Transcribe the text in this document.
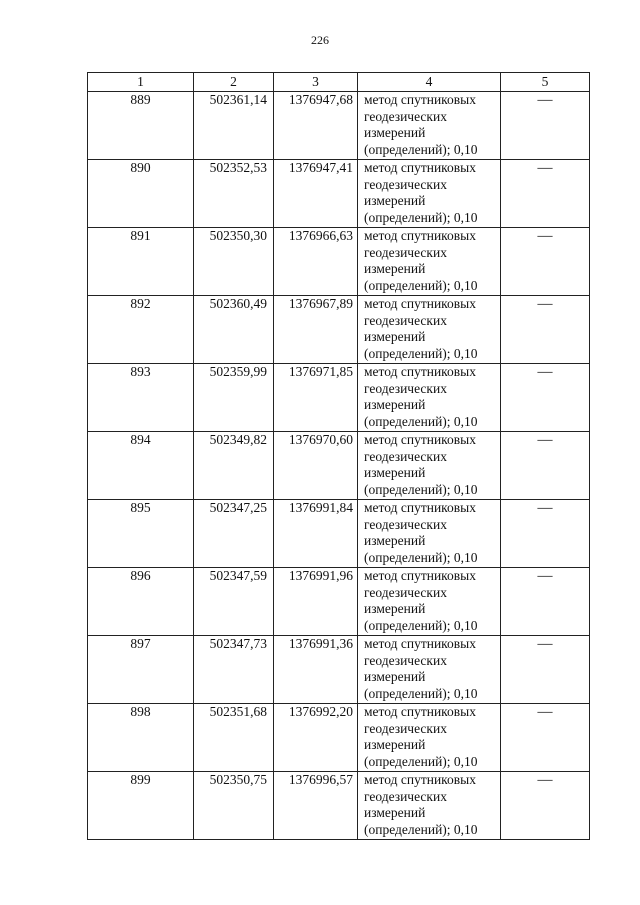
226
1	2	3	4	5
889	502361,14	1376947,68	метод спутниковых геодезических измерений (определений); 0,10	—
890	502352,53	1376947,41	метод спутниковых геодезических измерений (определений); 0,10	—
891	502350,30	1376966,63	метод спутниковых геодезических измерений (определений); 0,10	—
892	502360,49	1376967,89	метод спутниковых геодезических измерений (определений); 0,10	—
893	502359,99	1376971,85	метод спутниковых геодезических измерений (определений); 0,10	—
894	502349,82	1376970,60	метод спутниковых геодезических измерений (определений); 0,10	—
895	502347,25	1376991,84	метод спутниковых геодезических измерений (определений); 0,10	—
896	502347,59	1376991,96	метод спутниковых геодезических измерений (определений); 0,10	—
897	502347,73	1376991,36	метод спутниковых геодезических измерений (определений); 0,10	—
898	502351,68	1376992,20	метод спутниковых геодезических измерений (определений); 0,10	—
899	502350,75	1376996,57	метод спутниковых геодезических измерений (определений); 0,10	—
